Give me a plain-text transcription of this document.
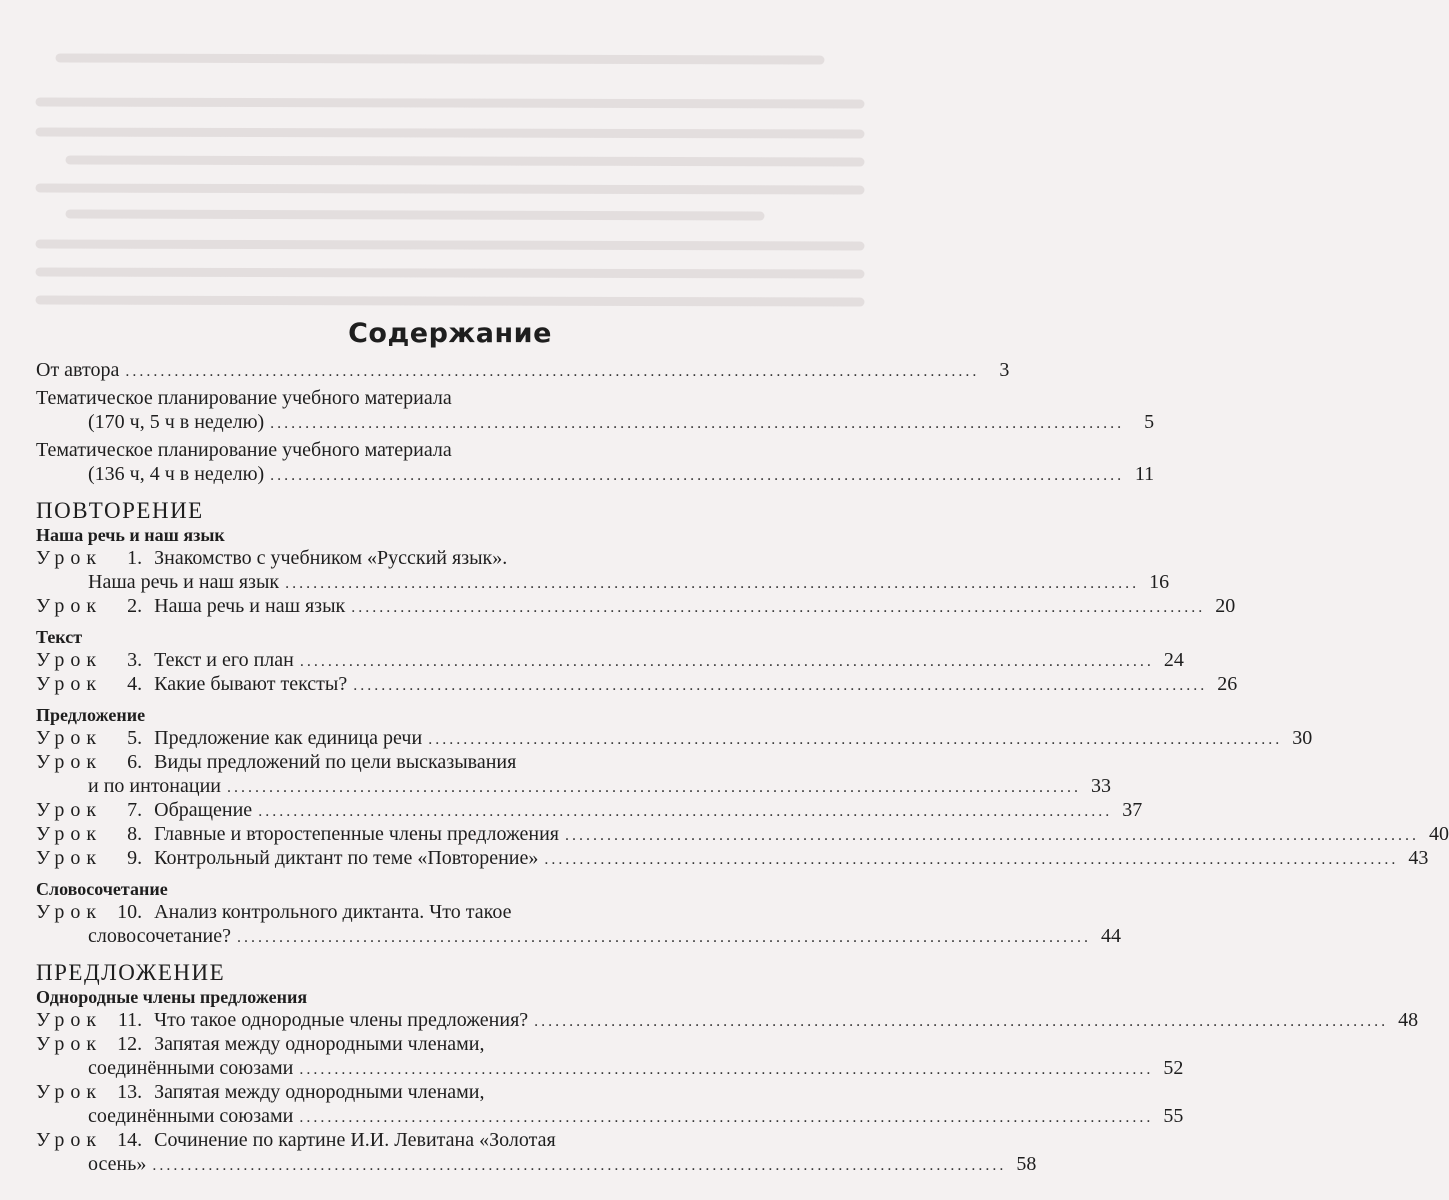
Содержание
От автора ..........................................................................................................................	3
Тематическое планирование учебного материала
(170 ч, 5 ч в неделю) ..........................................................................................................................	5
Тематическое планирование учебного материала
(136 ч, 4 ч в неделю) .......................................................................................................................... 11
ПОВТОРЕНИЕ
Наша речь и наш язык
Урок 1. Знакомство с учебником «Русский язык».
Наша речь и наш язык .......................................................................................................................... 16
Урок 2. Наша речь и наш язык .......................................................................................................................... 20
Текст
Урок 3. Текст и его план .......................................................................................................................... 24
Урок 4. Какие бывают тексты? .......................................................................................................................... 26
Предложение
Урок 5. Предложение как единица речи .......................................................................................................................... 30
Урок 6. Виды предложений по цели высказывания
и по интонации .......................................................................................................................... 33
Урок 7. Обращение .......................................................................................................................... 37
Урок 8. Главные и второстепенные члены предложения .......................................................................................................................... 40
Урок 9. Контрольный диктант по теме «Повторение» .......................................................................................................................... 43
Словосочетание
Урок 10. Анализ контрольного диктанта. Что такое
словосочетание? .......................................................................................................................... 44
ПРЕДЛОЖЕНИЕ
Однородные члены предложения
Урок 11. Что такое однородные члены предложения? .......................................................................................................................... 48
Урок 12. Запятая между однородными членами,
соединёнными союзами .......................................................................................................................... 52
Урок 13. Запятая между однородными членами,
соединёнными союзами .......................................................................................................................... 55
Урок 14. Сочинение по картине И.И. Левитана «Золотая
осень» .......................................................................................................................... 58
